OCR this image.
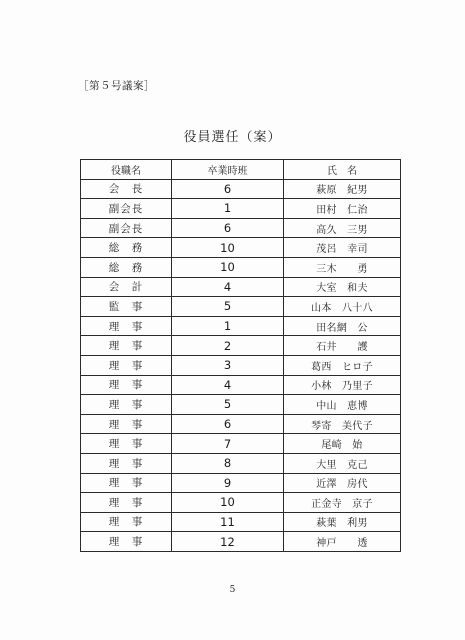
［第５号議案］
役員選任（案）
役職名	卒業時班	氏　名
会　長	6	萩原　紀男
副会長	1	田村　仁治
副会長	6	高久　三男
総　務	10	茂呂　幸司
総　務	10	三木　　勇
会　計	4	大室　和夫
監　事	5	山本　八十八
理　事	1	田名網　公
理　事	2	石井　　護
理　事	3	葛西　ヒロ子
理　事	4	小林　乃里子
理　事	5	中山　恵博
理　事	6	琴寄　美代子
理　事	7	尾崎　始
理　事	8	大里　克己
理　事	9	近澤　房代
理　事	10	正金寺　京子
理　事	11	萩葉　利男
理　事	12	神戸　　透
5
